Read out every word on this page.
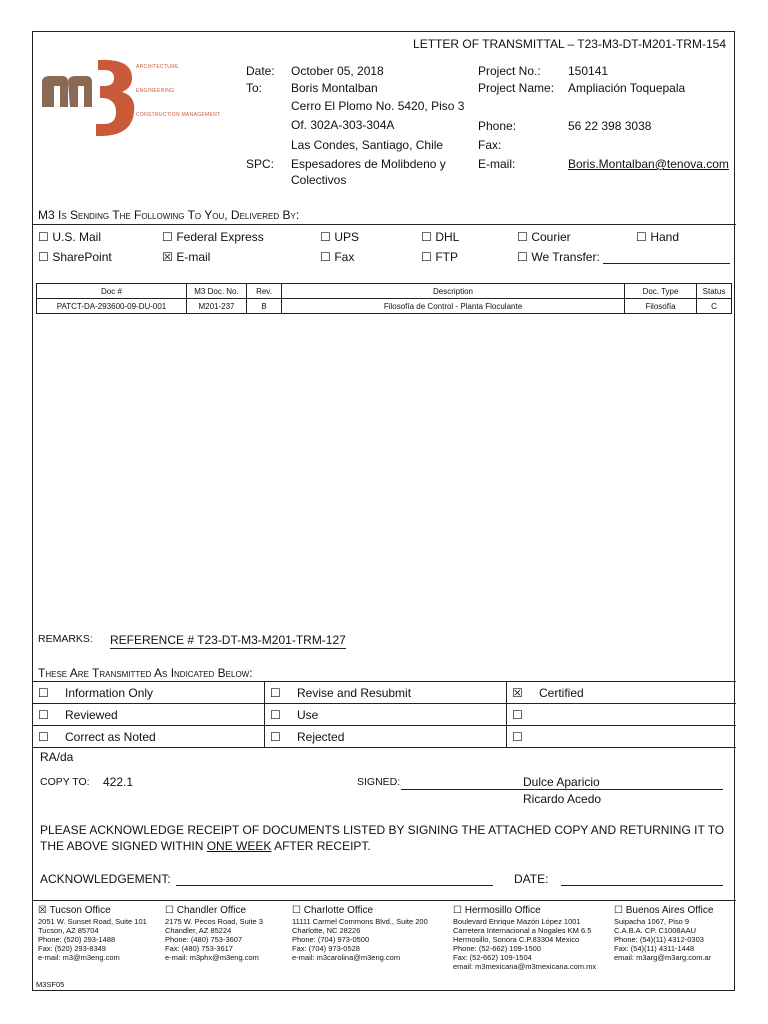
LETTER OF TRANSMITTAL – T23-M3-DT-M201-TRM-154
ARCHITECTURE
ENGINEERING
CONSTRUCTION MANAGEMENT
Date: October 05, 2018
To: Boris Montalban
Cerro El Plomo No. 5420, Piso 3
Of. 302A-303-304A
Las Condes, Santiago, Chile
SPC: Espesadores de Molibdeno y
Colectivos
Project No.: 150141
Project Name: Ampliación Toquepala
Phone:	56 22 398 3038
Fax:
E-mail:	Boris.Montalban@tenova.com
M3 Is Sending The Following To You, Delivered By:
☐ U.S. Mail	☐ Federal Express	☐ UPS	☐ DHL	☐ Courier	☐ Hand
☐ SharePoint	☒ E-mail	☐ Fax	☐ FTP	☐ We Transfer:
Doc #	M3 Doc. No.	Rev.	Description	Doc. Type	Status
PATCT-DA-293600-09-DU-001	M201-237	B	Filosofía de Control - Planta Floculante	Filosofía	C
REMARKS: REFERENCE # T23-DT-M3-M201-TRM-127
These Are Transmitted As Indicated Below:
☐ Information Only	☐ Revise and Resubmit	☒ Certified
☐ Reviewed	☐ Use	☐
☐ Correct as Noted	☐ Rejected	☐
RA/da
COPY TO: 422.1	SIGNED:	Dulce Aparicio
Ricardo Acedo
PLEASE ACKNOWLEDGE RECEIPT OF DOCUMENTS LISTED BY SIGNING THE ATTACHED COPY AND RETURNING IT TO THE ABOVE SIGNED WITHIN ONE WEEK AFTER RECEIPT.
ACKNOWLEDGEMENT:	DATE:
☒ Tucson Office
2051 W. Sunset Road, Suite 101
Tucson, AZ 85704
Phone: (520) 293-1488
Fax: (520) 293-8349
e-mail: m3@m3eng.com
☐ Chandler Office
2175 W. Pecos Road, Suite 3
Chandler, AZ 85224
Phone: (480) 753-3607
Fax: (480) 753-3617
e-mail: m3phx@m3eng.com
☐ Charlotte Office
11111 Carmel Commons Blvd., Suite 200
Charlotte, NC 28226
Phone: (704) 973-0500
Fax: (704) 973-0528
e-mail: m3carolina@m3eng.com
☐ Hermosillo Office
Boulevard Enrique Mazón López 1001
Carretera Internacional a Nogales KM 6.5
Hermosillo, Sonora C.P.83304 Mexico
Phone: (52-662) 109-1500
Fax: (52-662) 109-1504
email: m3mexicana@m3mexicana.com.mx
☐ Buenos Aires Office
Suipacha 1067, Piso 9
C.A.B.A. CP. C1008AAU
Phone: (54)(11) 4312-0303
Fax: (54)(11) 4311-1448
email: m3arg@m3arg.com.ar
M3SF05
